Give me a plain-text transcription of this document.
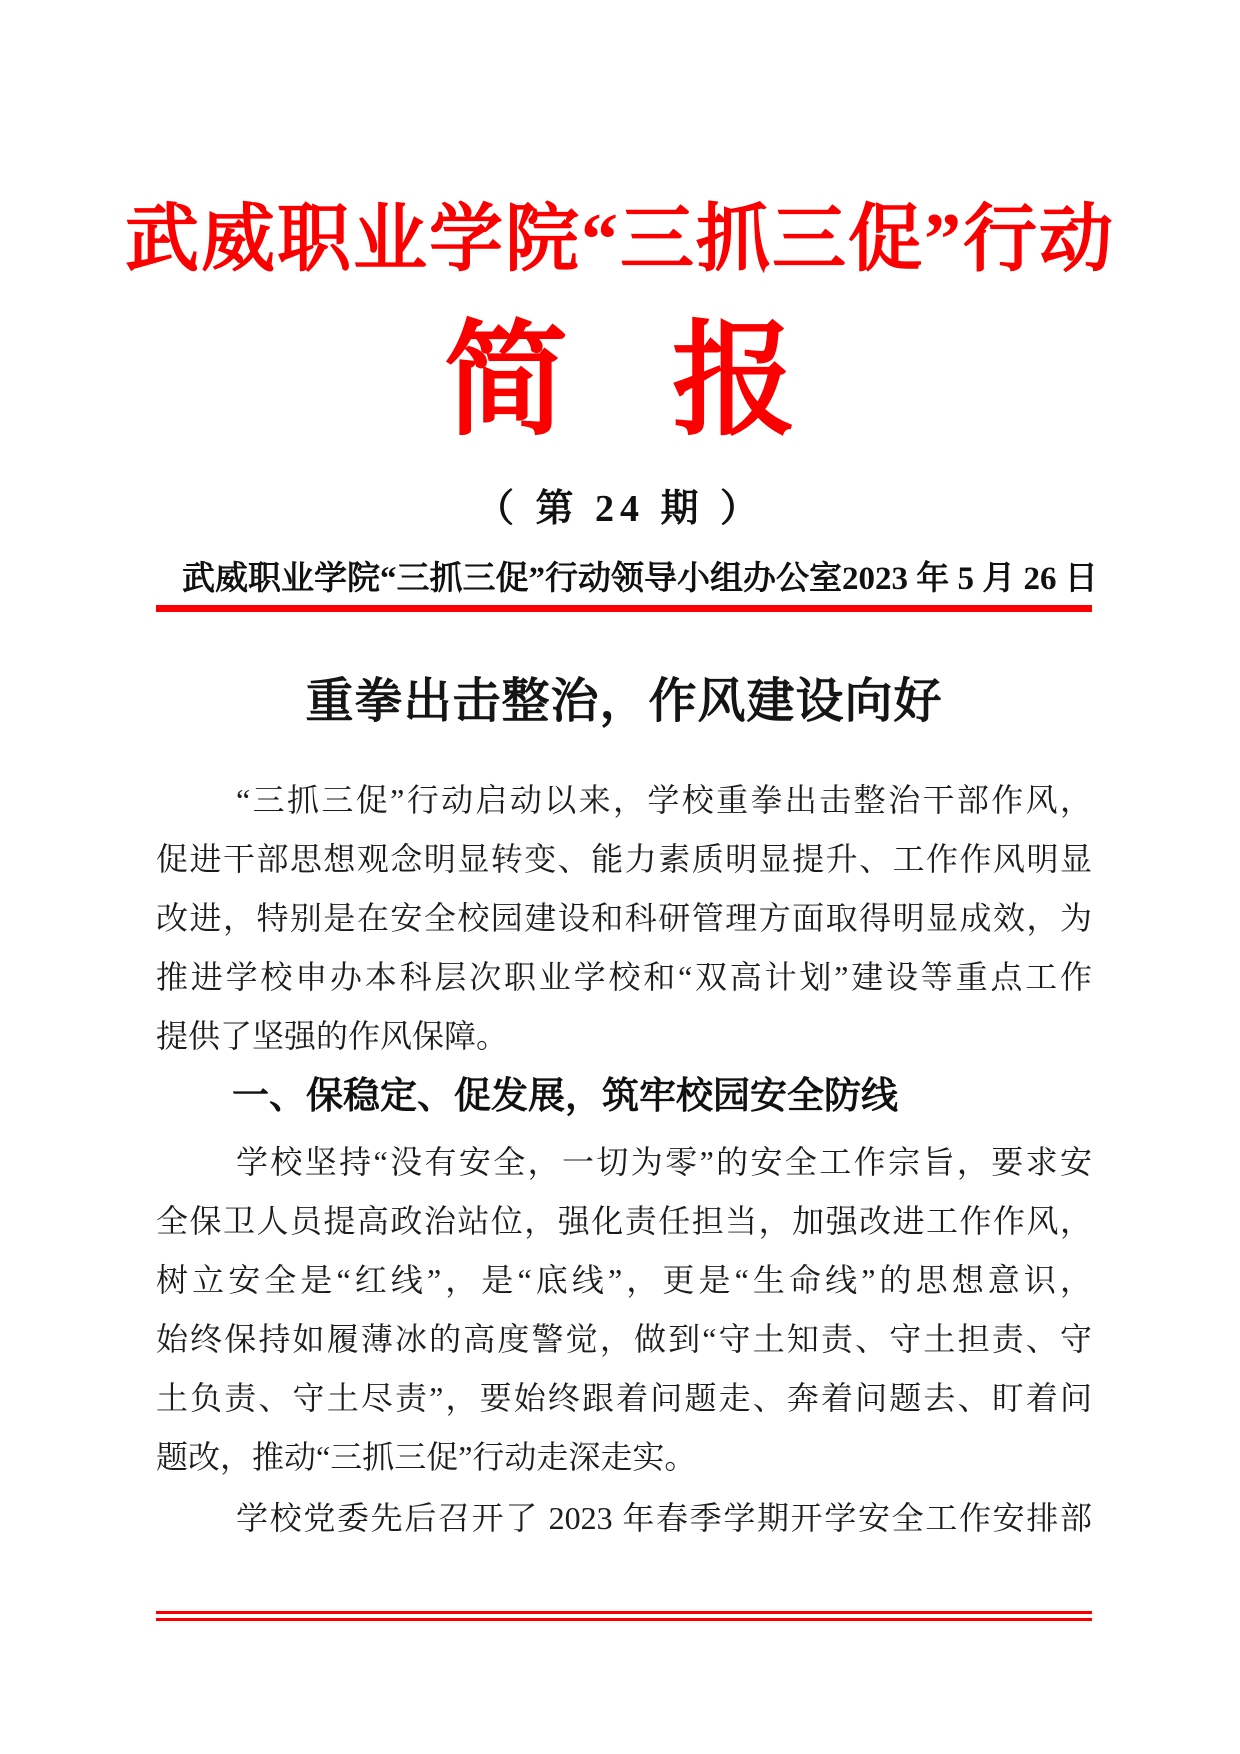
武威职业学院“三抓三促”行动
简 报
（ 第 24 期 ）
武威职业学院“三抓三促”行动领导小组办公室 2023 年 5 月 26 日
重拳出击整治，作风建设向好
“三抓三促”行动启动以来，学校重拳出击整治干部作风，
促进干部思想观念明显转变、能力素质明显提升、工作作风明显
改进，特别是在安全校园建设和科研管理方面取得明显成效，为
推进学校申办本科层次职业学校和“双高计划”建设等重点工作
提供了坚强的作风保障。
一、保稳定、促发展，筑牢校园安全防线
学校坚持“没有安全，一切为零”的安全工作宗旨，要求安
全保卫人员提高政治站位，强化责任担当，加强改进工作作风，
树立安全是“红线”，是“底线”，更是“生命线”的思想意识，
始终保持如履薄冰的高度警觉，做到“守土知责、守土担责、守
土负责、守土尽责”，要始终跟着问题走、奔着问题去、盯着问
题改，推动“三抓三促”行动走深走实。
学校党委先后召开了 2023 年春季学期开学安全工作安排部
